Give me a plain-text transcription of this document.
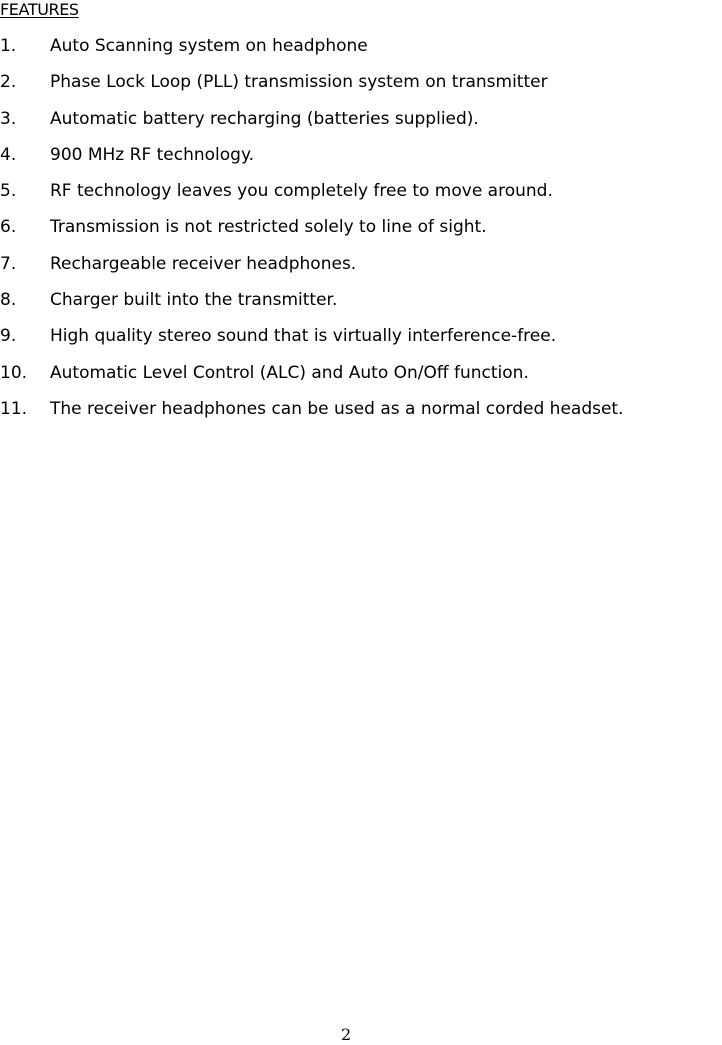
FEATURES
1. Auto Scanning system on headphone
2. Phase Lock Loop (PLL) transmission system on transmitter
3. Automatic battery recharging (batteries supplied).
4. 900 MHz RF technology.
5. RF technology leaves you completely free to move around.
6. Transmission is not restricted solely to line of sight.
7. Rechargeable receiver headphones.
8. Charger built into the transmitter.
9. High quality stereo sound that is virtually interference-free.
10. Automatic Level Control (ALC) and Auto On/Off function.
11. The receiver headphones can be used as a normal corded headset.
2
